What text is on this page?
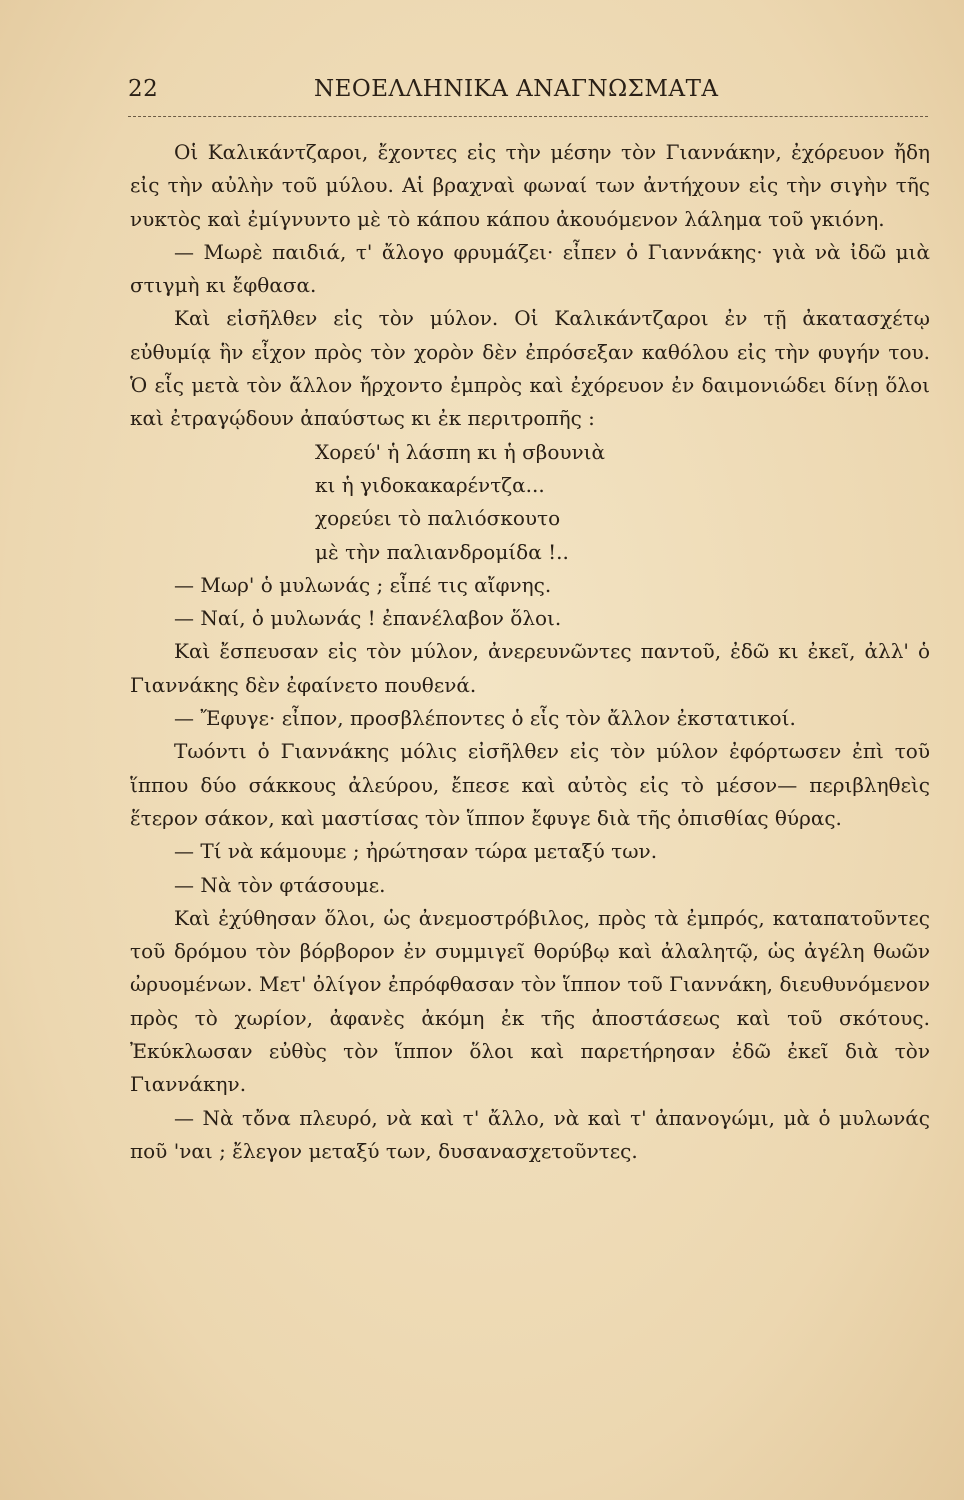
22	ΝΕΟΕΛΛΗΝΙΚΑ ΑΝΑΓΝΩΣΜΑΤΑ

Οἱ Καλικάντζαροι, ἔχοντες εἰς τὴν μέσην τὸν Γιαννάκην, ἐχόρευον ἤδη εἰς τὴν αὐλὴν τοῦ μύλου. Αἱ βραχναὶ φωναί των ἀντήχουν εἰς τὴν σιγὴν τῆς νυκτὸς καὶ ἐμίγνυντο μὲ τὸ κάπου κάπου ἀκουόμενον λάλημα τοῦ γκιόνη.

— Μωρὲ παιδιά, τ' ἄλογο φρυμάζει· εἶπεν ὁ Γιαννάκης· γιὰ νὰ ἰδῶ μιὰ στιγμὴ κι ἔφθασα.

Καὶ εἰσῆλθεν εἰς τὸν μύλον. Οἱ Καλικάντζαροι ἐν τῇ ἀκατασχέτῳ εὐθυμίᾳ ἣν εἶχον πρὸς τὸν χορὸν δὲν ἐπρόσεξαν καθόλου εἰς τὴν φυγήν του. Ὁ εἷς μετὰ τὸν ἄλλον ἤρχοντο ἐμπρὸς καὶ ἐχόρευον ἐν δαιμονιώδει δίνῃ ὅλοι καὶ ἐτραγῴδουν ἀπαύστως κι ἐκ περιτροπῆς :

Χορεύ' ἡ λάσπη κι ἡ σβουνιὰ
κι ἡ γιδοκακαρέντζα...
χορεύει τὸ παλιόσκουτο
μὲ τὴν παλιανδρομίδα !..

— Μωρ' ὁ μυλωνάς ; εἶπέ τις αἴφνης.

— Ναί, ὁ μυλωνάς ! ἐπανέλαβον ὅλοι.

Καὶ ἔσπευσαν εἰς τὸν μύλον, ἀνερευνῶντες παντοῦ, ἐδῶ κι ἐκεῖ, ἀλλ' ὁ Γιαννάκης δὲν ἐφαίνετο πουθενά.

— Ἔφυγε· εἶπον, προσβλέποντες ὁ εἷς τὸν ἄλλον ἐκστατικοί.

Τωόντι ὁ Γιαννάκης μόλις εἰσῆλθεν εἰς τὸν μύλον ἐφόρτωσεν ἐπὶ τοῦ ἵππου δύο σάκκους ἀλεύρου, ἔπεσε καὶ αὐτὸς εἰς τὸ μέσον— περιβληθεὶς ἕτερον σάκον, καὶ μαστίσας τὸν ἵππον ἔφυγε διὰ τῆς ὀπισθίας θύρας.

— Τί νὰ κάμουμε ; ἠρώτησαν τώρα μεταξύ των.

— Νὰ τὸν φτάσουμε.

Καὶ ἐχύθησαν ὅλοι, ὡς ἀνεμοστρόβιλος, πρὸς τὰ ἐμπρός, καταπατοῦντες τοῦ δρόμου τὸν βόρβορον ἐν συμμιγεῖ θορύβῳ καὶ ἀλαλητῷ, ὡς ἀγέλη θωῶν ὠρυομένων. Μετ' ὀλίγον ἐπρόφθασαν τὸν ἵππον τοῦ Γιαννάκη, διευθυνόμενον πρὸς τὸ χωρίον, ἀφανὲς ἀκόμη ἐκ τῆς ἀποστάσεως καὶ τοῦ σκότους. Ἐκύκλωσαν εὐθὺς τὸν ἵππον ὅλοι καὶ παρετήρησαν ἐδῶ ἐκεῖ διὰ τὸν Γιαννάκην.

— Νὰ τὄνα πλευρό, νὰ καὶ τ' ἄλλο, νὰ καὶ τ' ἀπανογώμι, μὰ ὁ μυλωνάς ποῦ 'ναι ; ἔλεγον μεταξύ των, δυσανασχετοῦντες.
